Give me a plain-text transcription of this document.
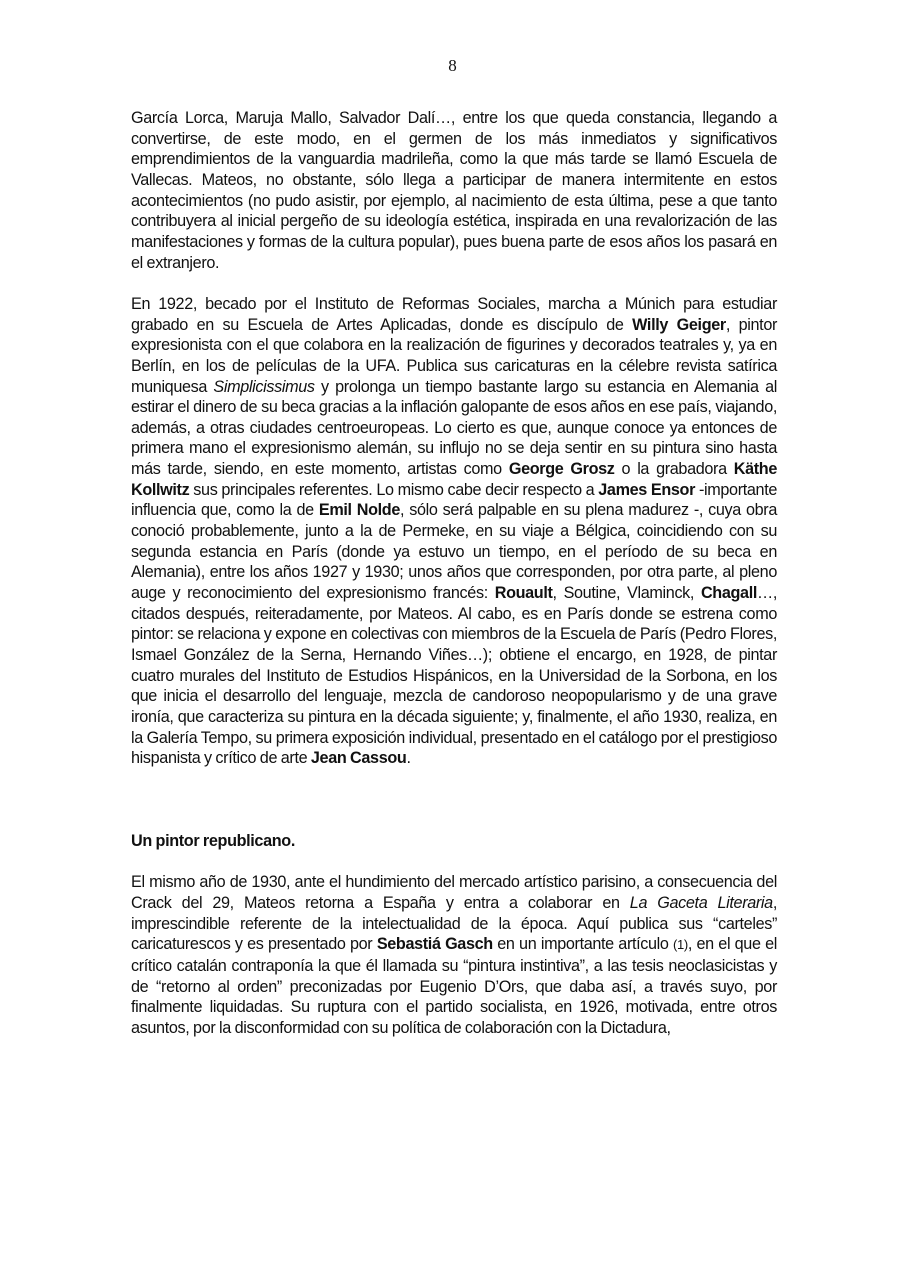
8

García Lorca, Maruja Mallo, Salvador Dalí…, entre los que queda constancia, llegando a convertirse, de este modo, en el germen de los más inmediatos y significativos emprendimientos de la vanguardia madrileña, como la que más tarde se llamó Escuela de Vallecas. Mateos, no obstante, sólo llega a participar de manera intermitente en estos acontecimientos (no pudo asistir, por ejemplo, al nacimiento de esta última, pese a que tanto contribuyera al inicial pergeño de su ideología estética, inspirada en una revalorización de las manifestaciones y formas de la cultura popular), pues buena parte de esos años los pasará en el extranjero.

En 1922, becado por el Instituto de Reformas Sociales, marcha a Múnich para estudiar grabado en su Escuela de Artes Aplicadas, donde es discípulo de Willy Geiger, pintor expresionista con el que colabora en la realización de figurines y decorados teatrales y, ya en Berlín, en los de películas de la UFA. Publica sus caricaturas en la célebre revista satírica muniquesa Simplicissimus y prolonga un tiempo bastante largo su estancia en Alemania al estirar el dinero de su beca gracias a la inflación galopante de esos años en ese país, viajando, además, a otras ciudades centroeuropeas. Lo cierto es que, aunque conoce ya entonces de primera mano el expresionismo alemán, su influjo no se deja sentir en su pintura sino hasta más tarde, siendo, en este momento, artistas como George Grosz o la grabadora Käthe Kollwitz sus principales referentes. Lo mismo cabe decir respecto a James Ensor -importante influencia que, como la de Emil Nolde, sólo será palpable en su plena madurez -, cuya obra conoció probablemente, junto a la de Permeke, en su viaje a Bélgica, coincidiendo con su segunda estancia en París (donde ya estuvo un tiempo, en el período de su beca en Alemania), entre los años 1927 y 1930; unos años que corresponden, por otra parte, al pleno auge y reconocimiento del expresionismo francés: Rouault, Soutine, Vlaminck, Chagall…, citados después, reiteradamente, por Mateos. Al cabo, es en París donde se estrena como pintor: se relaciona y expone en colectivas con miembros de la Escuela de París (Pedro Flores, Ismael González de la Serna, Hernando Viñes…); obtiene el encargo, en 1928, de pintar cuatro murales del Instituto de Estudios Hispánicos, en la Universidad de la Sorbona, en los que inicia el desarrollo del lenguaje, mezcla de candoroso neopopularismo y de una grave ironía, que caracteriza su pintura en la década siguiente; y, finalmente, el año 1930, realiza, en la Galería Tempo, su primera exposición individual, presentado en el catálogo por el prestigioso hispanista y crítico de arte Jean Cassou.

Un pintor republicano.

El mismo año de 1930, ante el hundimiento del mercado artístico parisino, a consecuencia del Crack del 29, Mateos retorna a España y entra a colaborar en La Gaceta Literaria, imprescindible referente de la intelectualidad de la época. Aquí publica sus “carteles” caricaturescos y es presentado por Sebastiá Gasch en un importante artículo (1), en el que el crítico catalán contraponía la que él llamada su “pintura instintiva”, a las tesis neoclasicistas y de “retorno al orden” preconizadas por Eugenio D’Ors, que daba así, a través suyo, por finalmente liquidadas. Su ruptura con el partido socialista, en 1926, motivada, entre otros asuntos, por la disconformidad con su política de colaboración con la Dictadura,
